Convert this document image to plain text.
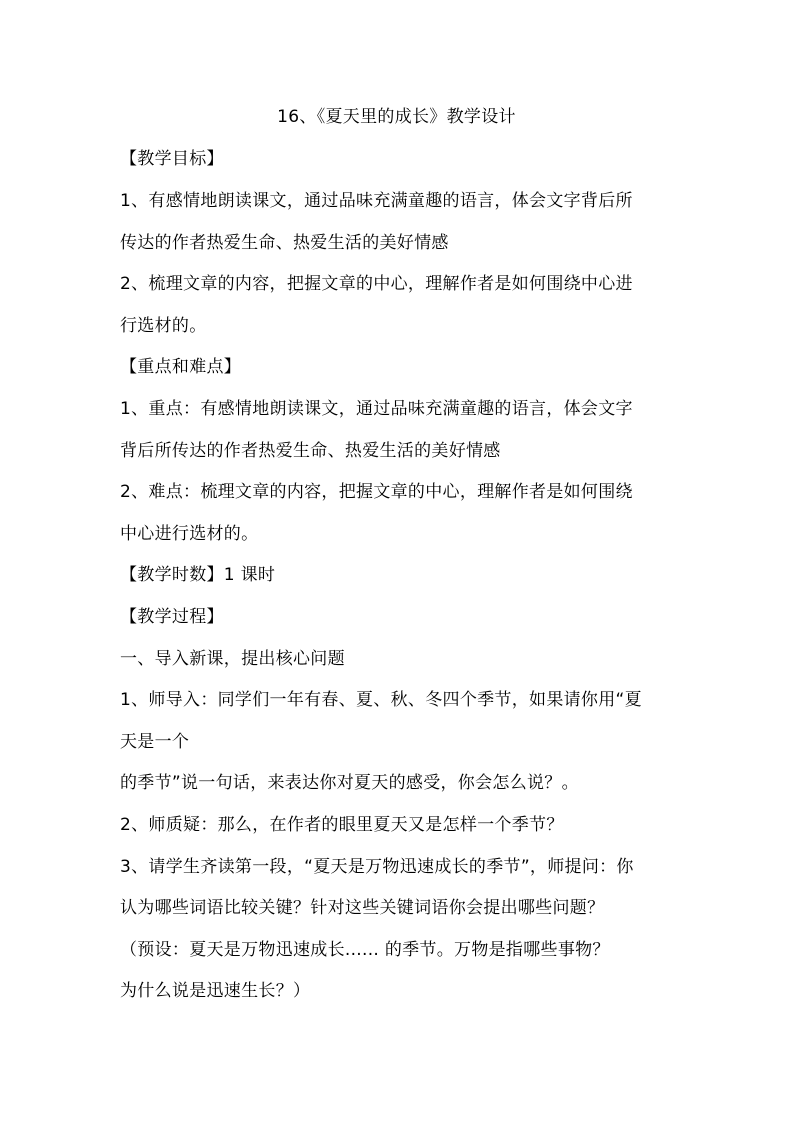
16、《夏天里的成长》教学设计
【教学目标】
1、有感情地朗读课文，通过品味充满童趣的语言，体会文字背后所
传达的作者热爱生命、热爱生活的美好情感
2、梳理文章的内容，把握文章的中心，理解作者是如何围绕中心进
行选材的。
【重点和难点】
1、重点：有感情地朗读课文，通过品味充满童趣的语言，体会文字
背后所传达的作者热爱生命、热爱生活的美好情感
2、难点：梳理文章的内容，把握文章的中心，理解作者是如何围绕
中心进行选材的。
【教学时数】1 课时
【教学过程】
一、导入新课，提出核心问题
1、师导入：同学们一年有春、夏、秋、冬四个季节，如果请你用“夏
天是一个
的季节”说一句话，来表达你对夏天的感受，你会怎么说？。
2、师质疑：那么，在作者的眼里夏天又是怎样一个季节？
3、请学生齐读第一段，“夏天是万物迅速成长的季节”，师提问：你
认为哪些词语比较关键？针对这些关键词语你会提出哪些问题？
（预设：夏天是万物迅速成长...... 的季节。万物是指哪些事物？
为什么说是迅速生长？）
